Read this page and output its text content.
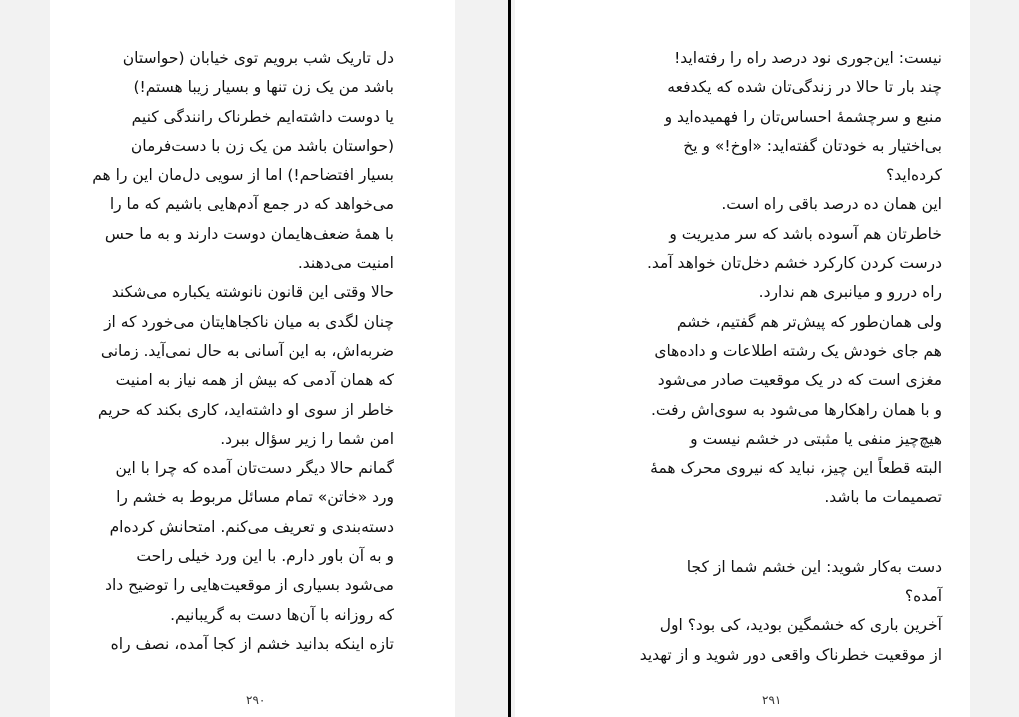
دل تاریک شب برویم توی خیابان (حواستان
باشد من یک زن تنها و بسیار زیبا هستم!)
یا دوست داشته‌ایم خطرناک رانندگی کنیم
(حواستان باشد من یک زن با دست‌فرمان
بسیار افتضاحم!) اما از سویی دل‌مان این را هم
می‌خواهد که در جمع آدم‌هایی باشیم که ما را
با همهٔ ضعف‌هایمان دوست دارند و به ما حس
امنیت می‌دهند.
حالا وقتی این قانون نانوشته یکباره می‌شکند
چنان لگدی به میان ناکجاهایتان می‌خورد که از
ضربه‌اش، به این آسانی به حال نمی‌آید. زمانی
که همان آدمی که بیش از همه نیاز به امنیت
خاطر از سوی او داشته‌اید، کاری بکند که حریم
امن شما را زیر سؤال ببرد.
گمانم حالا دیگر دست‌تان آمده که چرا با این
ورد «خاتن» تمام مسائل مربوط به خشم را
دسته‌بندی و تعریف می‌کنم. امتحانش کرده‌ام
و به آن باور دارم. با این ورد خیلی راحت
می‌شود بسیاری از موقعیت‌هایی را توضیح داد
که روزانه با آن‌ها دست به گریبانیم.
تازه اینکه بدانید خشم از کجا آمده، نصف راه
۲۹۰
نیست: این‌جوری نود درصد راه را رفته‌اید!
چند بار تا حالا در زندگی‌تان شده که یکدفعه
منبع و سرچشمهٔ احساس‌تان را فهمیده‌اید و
بی‌اختیار به خودتان گفته‌اید: «اوخ!» و یخ
کرده‌اید؟
این همان ده درصد باقی راه است.
خاطرتان هم آسوده باشد که سر مدیریت و
درست کردن کارکرد خشم دخل‌تان خواهد آمد.
راه دررو و میانبری هم ندارد.
ولی همان‌طور که پیش‌تر هم گفتیم، خشم
هم جای خودش یک رشته اطلاعات و داده‌های
مغزی است که در یک موقعیت صادر می‌شود
و با همان راهکارها می‌شود به سوی‌اش رفت.
هیچ‌چیز منفی یا مثبتی در خشم نیست و
البته قطعاً این چیز، نباید که نیروی محرک همهٔ
تصمیمات ما باشد.
دست به‌کار شوید: این خشم شما از کجا
آمده؟
آخرین باری که خشمگین بودید، کی بود؟ اول
از موقعیت خطرناک واقعی دور شوید و از تهدید
۲۹۱
